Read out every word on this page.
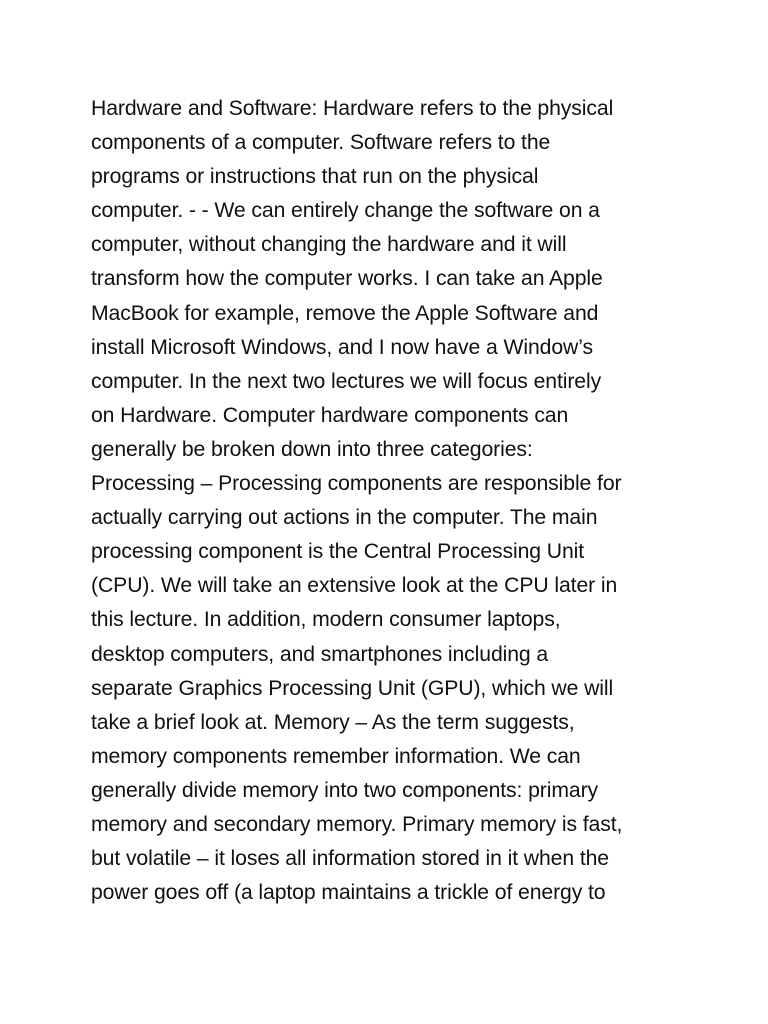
Hardware and Software: Hardware refers to the physical
components of a computer. Software refers to the
programs or instructions that run on the physical
computer. - - We can entirely change the software on a
computer, without changing the hardware and it will
transform how the computer works. I can take an Apple
MacBook for example, remove the Apple Software and
install Microsoft Windows, and I now have a Window’s
computer. In the next two lectures we will focus entirely
on Hardware. Computer hardware components can
generally be broken down into three categories:
Processing – Processing components are responsible for
actually carrying out actions in the computer. The main
processing component is the Central Processing Unit
(CPU). We will take an extensive look at the CPU later in
this lecture. In addition, modern consumer laptops,
desktop computers, and smartphones including a
separate Graphics Processing Unit (GPU), which we will
take a brief look at. Memory – As the term suggests,
memory components remember information. We can
generally divide memory into two components: primary
memory and secondary memory. Primary memory is fast,
but volatile – it loses all information stored in it when the
power goes off (a laptop maintains a trickle of energy to
